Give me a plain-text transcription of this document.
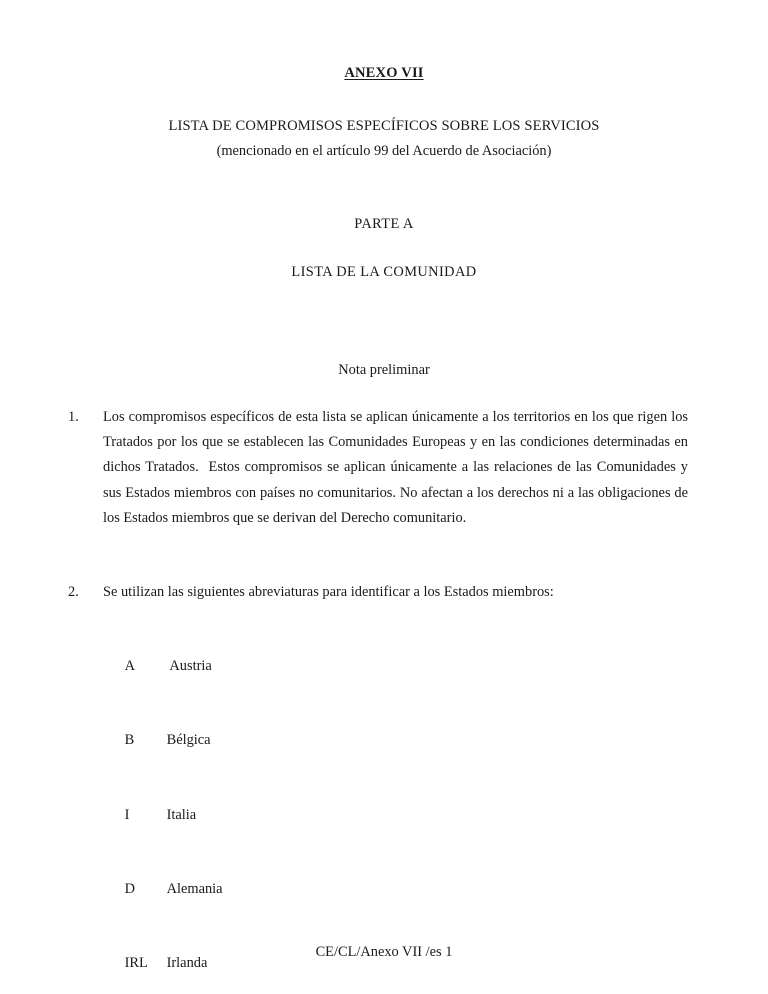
ANEXO VII
LISTA DE COMPROMISOS ESPECÍFICOS SOBRE LOS SERVICIOS
(mencionado en el artículo 99 del Acuerdo de Asociación)
PARTE A
LISTA DE LA COMUNIDAD
Nota preliminar
1.	Los compromisos específicos de esta lista se aplican únicamente a los territorios en los que rigen los Tratados por los que se establecen las Comunidades Europeas y en las condiciones determinadas en dichos Tratados.  Estos compromisos se aplican únicamente a las relaciones de las Comunidades y sus Estados miembros con países no comunitarios. No afectan a los derechos ni a las obligaciones de los Estados miembros que se derivan del Derecho comunitario.
2.	Se utilizan las siguientes abreviaturas para identificar a los Estados miembros:

A Austria

B Bélgica

I	Italia

D Alemania

IRL Irlanda

CE/CL/Anexo VII /es 1
